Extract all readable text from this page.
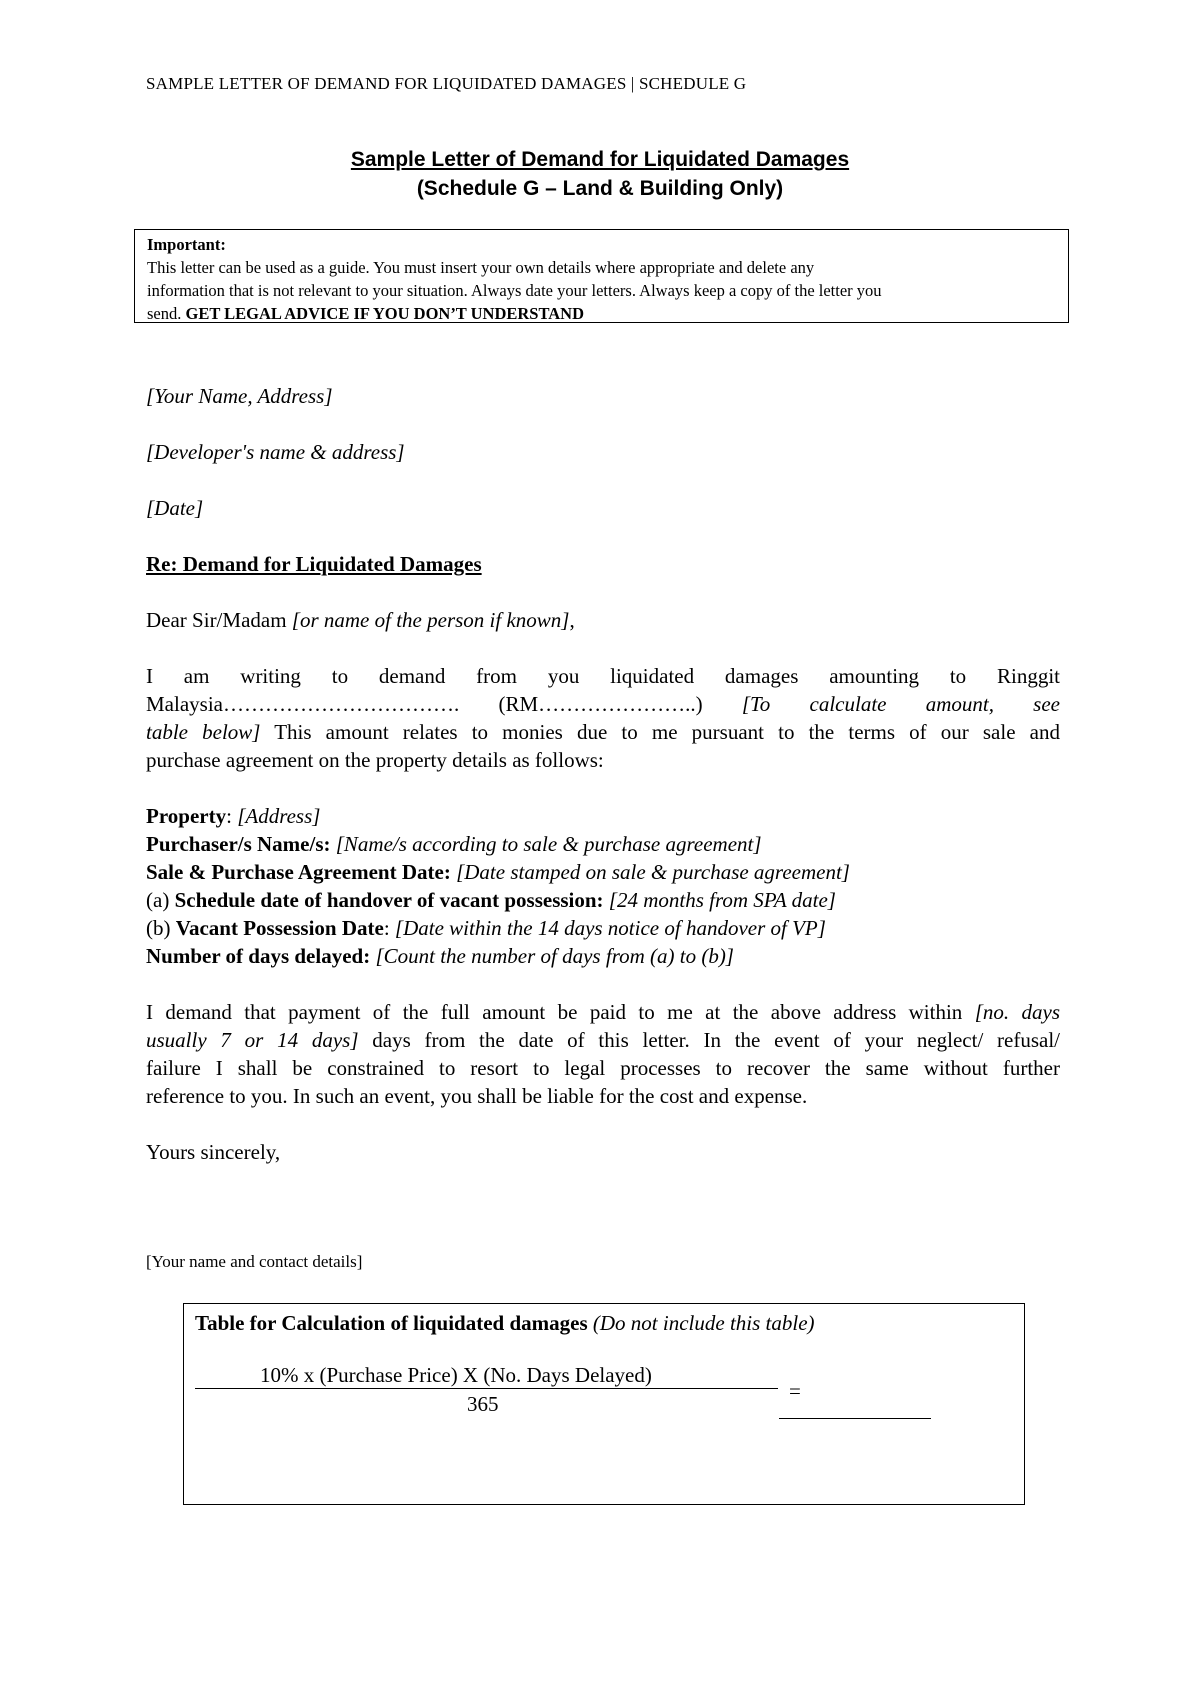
SAMPLE LETTER OF DEMAND FOR LIQUIDATED DAMAGES | SCHEDULE G
Sample Letter of Demand for Liquidated Damages
(Schedule G – Land & Building Only)
Important:
This letter can be used as a guide. You must insert your own details where appropriate and delete any
information that is not relevant to your situation. Always date your letters. Always keep a copy of the letter you
send. GET LEGAL ADVICE IF YOU DON’T UNDERSTAND
[Your Name, Address]
[Developer's name & address]
[Date]
Re: Demand for Liquidated Damages
Dear Sir/Madam [or name of the person if known],
I am writing to demand from you liquidated damages amounting to Ringgit
Malaysia……………………………. (RM…………………..) [To calculate amount, see
table below] This amount relates to monies due to me pursuant to the terms of our sale and
purchase agreement on the property details as follows:
Property: [Address]
Purchaser/s Name/s: [Name/s according to sale & purchase agreement]
Sale & Purchase Agreement Date: [Date stamped on sale & purchase agreement]
(a) Schedule date of handover of vacant possession: [24 months from SPA date]
(b) Vacant Possession Date: [Date within the 14 days notice of handover of VP]
Number of days delayed: [Count the number of days from (a) to (b)]
I demand that payment of the full amount be paid to me at the above address within [no. days
usually 7 or 14 days] days from the date of this letter. In the event of your neglect/ refusal/
failure I shall be constrained to resort to legal processes to recover the same without further
reference to you. In such an event, you shall be liable for the cost and expense.
Yours sincerely,
[Your name and contact details]
Table for Calculation of liquidated damages (Do not include this table)
10% x (Purchase Price) X (No. Days Delayed)
365
=
